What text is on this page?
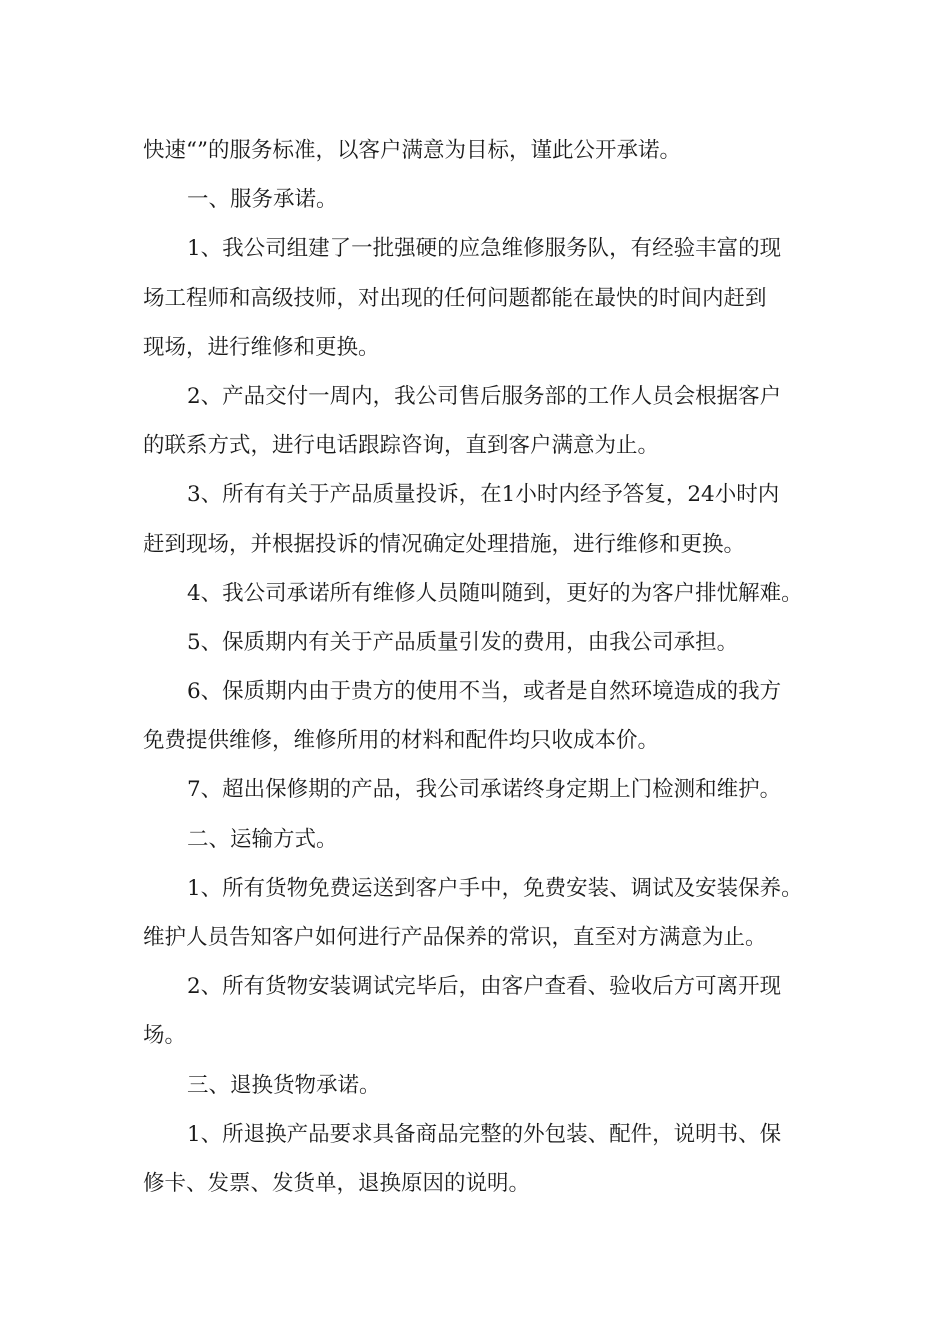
快速“”的服务标准，以客户满意为目标，谨此公开承诺。
一、服务承诺。
1、我公司组建了一批强硬的应急维修服务队，有经验丰富的现
场工程师和高级技师，对出现的任何问题都能在最快的时间内赶到
现场，进行维修和更换。
2、产品交付一周内，我公司售后服务部的工作人员会根据客户
的联系方式，进行电话跟踪咨询，直到客户满意为止。
3、所有有关于产品质量投诉，在1小时内经予答复，24小时内
赶到现场，并根据投诉的情况确定处理措施，进行维修和更换。
4、我公司承诺所有维修人员随叫随到，更好的为客户排忧解难。
5、保质期内有关于产品质量引发的费用，由我公司承担。
6、保质期内由于贵方的使用不当，或者是自然环境造成的我方
免费提供维修，维修所用的材料和配件均只收成本价。
7、超出保修期的产品，我公司承诺终身定期上门检测和维护。
二、运输方式。
1、所有货物免费运送到客户手中，免费安装、调试及安装保养。
维护人员告知客户如何进行产品保养的常识，直至对方满意为止。
2、所有货物安装调试完毕后，由客户查看、验收后方可离开现
场。
三、退换货物承诺。
1、所退换产品要求具备商品完整的外包装、配件，说明书、保
修卡、发票、发货单，退换原因的说明。
